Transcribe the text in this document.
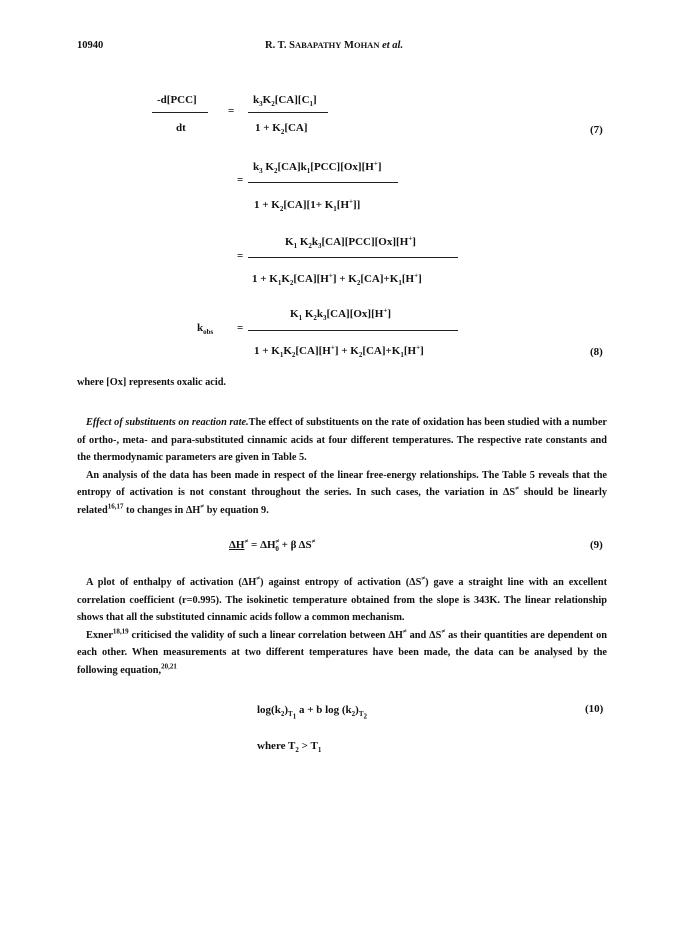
10940	R. T. SABAPATHY MOHAN et al.
-d[PCC]
dt
=
$k_3K_2[CA][C_1]$
$1 + K_2[CA]$	(7)
$k_3$ $K_2[CA]k_1[PCC][Ox][H^+]$
=
$1 + K_2[CA][1+ K_1[H^+]]$
$K_1$ $K_2k_3[CA][PCC][Ox][H^+]$
=
$1 + K_1K_2[CA][H^+] + K_2[CA]+K_1[H^+]$
$K_1$ $K_2k_3[CA][Ox][H^+]$
$k_{obs}$ =
$1 + K_1K_2[CA][H^+] + K_2[CA]+K_1[H^+]$	(8)
where [Ox] represents oxalic acid.

Effect of substituents on reaction rate.The effect of substituents on the rate of oxidation has been studied with a number of ortho-, meta- and para-substituted cinnamic acids at four different temperatures. The respective rate constants and the thermodynamic parameters are given in Table 5.

An analysis of the data has been made in respect of the linear free-energy relationships. The Table 5 reveals that the entropy of activation is not constant throughout the series. In such cases, the variation in ΔS≠ should be linearly related$^{16,17}$ to changes in ΔH≠ by equation 9.

$\Delta H^\ne = \Delta H^\ne_0 + \beta$ ΔS≠	(9)

A plot of enthalpy of activation (ΔH≠) against entropy of activation (ΔS≠) gave a straight line with an excellent correlation coefficient (r=0.995). The isokinetic temperature obtained from the slope is 343K. The linear relationship shows that all the substituted cinnamic acids follow a common mechanism.

Exner$^{18,19}$ criticised the validity of such a linear correlation between ΔH≠ and ΔS≠ as their quantities are dependent on each other. When measurements at two different temperatures have been made, the data can be analysed by the following equation,$^{20,21}$

$\log(k_2)_{T_1}$ a + b $\log (k_2)_{T_2}$
(10)
where $T_2 > T_1$
